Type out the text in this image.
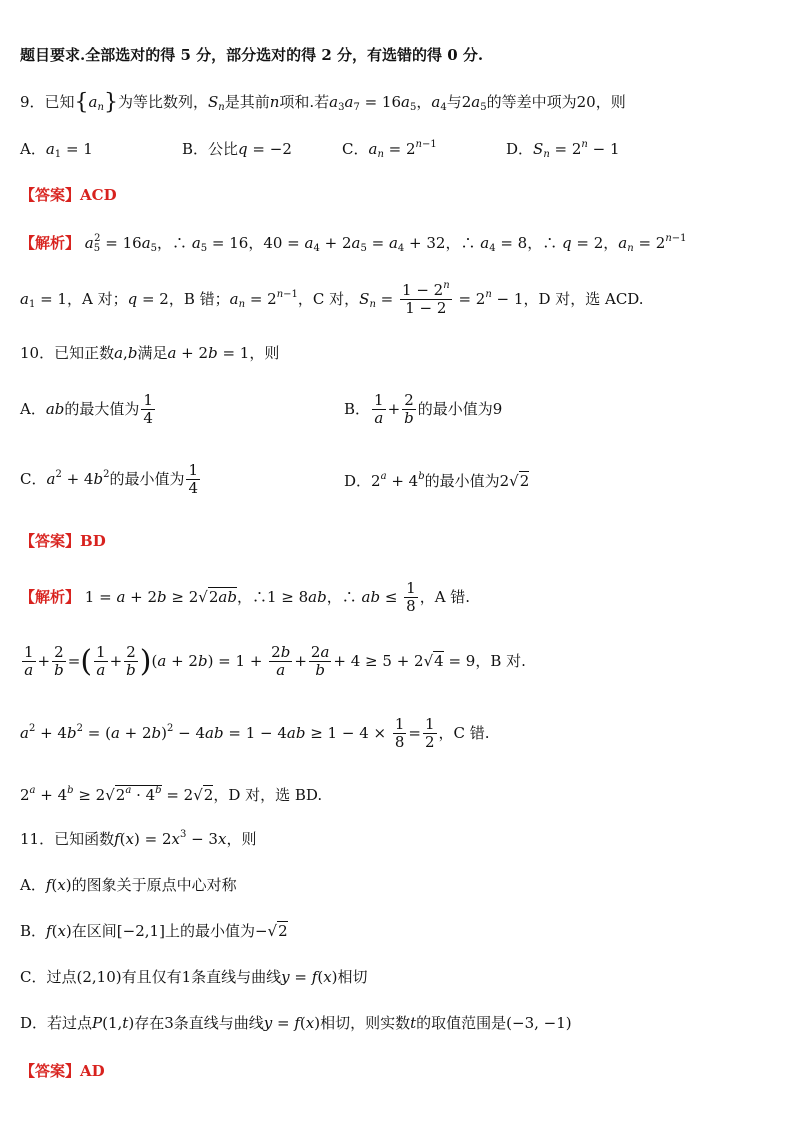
题目要求.全部选对的得 5 分，部分选对的得 2 分，有选错的得 0 分.
9．已知$\{a_n\}$为等比数列，$S_n$是其前n项和.若$a_3a_7 = 16a_5$，$a_4$与$2a_5$的等差中项为20，则
A．$a_1 = 1$	B．公比q = −2	C．$a_n = 2^{n-1}$	D．$S_n = 2^n - 1$
【答案】ACD
【解析】 $a_5^2 = 16a_5$，∴ $a_5 = 16$，$40 = a_4 + 2a_5 = a_4 + 32$，∴ $a_4 = 8$，∴ q = 2，$a_n = 2^{n-1}$
$a_1 = 1$，A 对；q = 2，B 错；$a_n = 2^{n-1}$，C 对，$S_n = \frac{1 - 2^n}{1 - 2} = 2^n - 1$，D 对，选 ACD.
10．已知正数a,b满足a + 2b = 1，则
A．ab的最大值为 $\frac{1}{4}$	B． $\frac{1}{a} + \frac{2}{b}$ 的最小值为9
C．$a^2 + 4b^2$的最小值为 $\frac{1}{4}$	D．$2^a + 4^b$的最小值为2√2
【答案】BD
【解析】 1 = a + 2b ≥ 2√2ab，∴1 ≥ 8ab，∴ ab ≤ $\frac{1}{8}$ ，A 错.
$\frac{1}{a} + \frac{2}{b}$ =( $\frac{1}{a} + \frac{2}{b} )(a + 2b) = 1 + \frac{2b}{a} + \frac{2a}{b} + 4 \ge 5 + 2√4 = 9$，B 对.
$a^2 + 4b^2 = (a + 2b)^2 - 4ab = 1 - 4ab \ge 1 - 4 \times \frac{1}{8} = \frac{1}{2}$ ，C 错.
$2^a + 4^b \ge 2√2^a \cdot 4^b = 2√2$，D 对，选 BD.
11．已知函数$f(x) = 2x^3 - 3x$，则
A．f(x)的图象关于原点中心对称
B．f(x)在区间[−2,1]上的最小值为−√2
C．过点(2,10)有且仅有1条直线与曲线y = f(x)相切
D．若过点P(1,t)存在3条直线与曲线y = f(x)相切，则实数t的取值范围是(−3, −1)
【答案】AD
